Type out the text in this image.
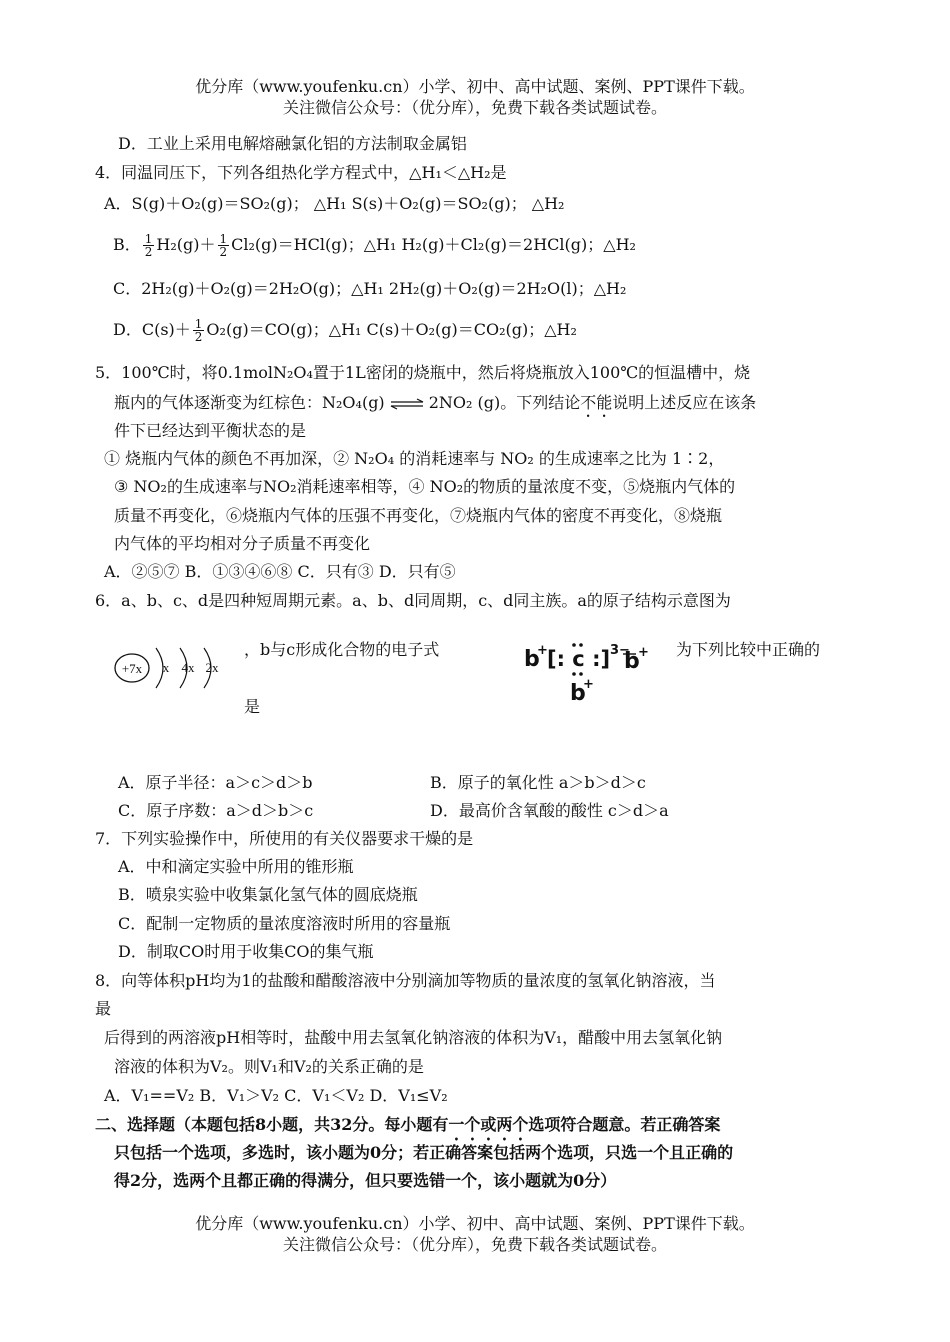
优分库（www.youfenku.cn）小学、初中、高中试题、案例、PPT课件下载。
关注微信公众号：（优分库），免费下载各类试题试卷。
D．工业上采用电解熔融氯化铝的方法制取金属铝
4．同温同压下，下列各组热化学方程式中，△H₁＜△H₂是
A．S(g)＋O₂(g)＝SO₂(g)； △H₁ S(s)＋O₂(g)＝SO₂(g)； △H₂
B． $\frac{1}{2} H_2(g)+ \frac{1}{2} Cl_2(g)=HCl(g)$；△H₁ H₂(g)＋Cl₂(g)＝2HCl(g)；△H₂
C．2H₂(g)＋O₂(g)＝2H₂O(g)；△H₁ 2H₂(g)＋O₂(g)＝2H₂O(l)；△H₂
D．$C(s)+ \frac{1}{2} O_2(g)=CO(g)$；△H₁ C(s)＋O₂(g)＝CO₂(g)；△H₂
5．100℃时，将0.1molN₂O₄置于1L密闭的烧瓶中，然后将烧瓶放入100℃的恒温槽中，烧
瓶内的气体逐渐变为红棕色：N₂O₄(g) ⇌ 2NO₂ (g)。下列结论不能说明上述反应在该条
件下已经达到平衡状态的是
① 烧瓶内气体的颜色不再加深，② N₂O₄ 的消耗速率与 NO₂ 的生成速率之比为 1∶2，
③ NO₂的生成速率与NO₂消耗速率相等，④ NO₂的物质的量浓度不变，⑤烧瓶内气体的
质量不再变化，⑥烧瓶内气体的压强不再变化，⑦烧瓶内气体的密度不再变化，⑧烧瓶
内气体的平均相对分子质量不再变化
A．②⑤⑦ B．①③④⑥⑧ C．只有③ D．只有⑤
6．a、b、c、d是四种短周期元素。a、b、d同周期，c、d同主族。a的原子结构示意图为
+7x x 4x 2x
，b与c形成化合物的电子式	b
+ [: c :] 3−
b
+
b
+
为下列比较中正确的
是
A．原子半径：a＞c＞d＞b	B．原子的氧化性 a＞b＞d＞c
C．原子序数：a＞d＞b＞c	D．最高价含氧酸的酸性 c＞d＞a
7．下列实验操作中，所使用的有关仪器要求干燥的是
A．中和滴定实验中所用的锥形瓶
B．喷泉实验中收集氯化氢气体的圆底烧瓶
C．配制一定物质的量浓度溶液时所用的容量瓶
D．制取CO时用于收集CO的集气瓶
8．向等体积pH均为1的盐酸和醋酸溶液中分别滴加等物质的量浓度的氢氧化钠溶液，当
最
后得到的两溶液pH相等时，盐酸中用去氢氧化钠溶液的体积为V₁，醋酸中用去氢氧化钠
溶液的体积为V₂。则V₁和V₂的关系正确的是
A．V₁==V₂ B．V₁＞V₂ C．V₁＜V₂ D．V₁≤V₂
二、选择题（本题包括8小题，共32分。每小题有一个或两个选项符合题意。若正确答案
只包括一个选项，多选时，该小题为0分；若正确答案包括两个选项，只选一个且正确的
得2分，选两个且都正确的得满分，但只要选错一个，该小题就为0分）
优分库（www.youfenku.cn）小学、初中、高中试题、案例、PPT课件下载。
关注微信公众号：（优分库），免费下载各类试题试卷。
